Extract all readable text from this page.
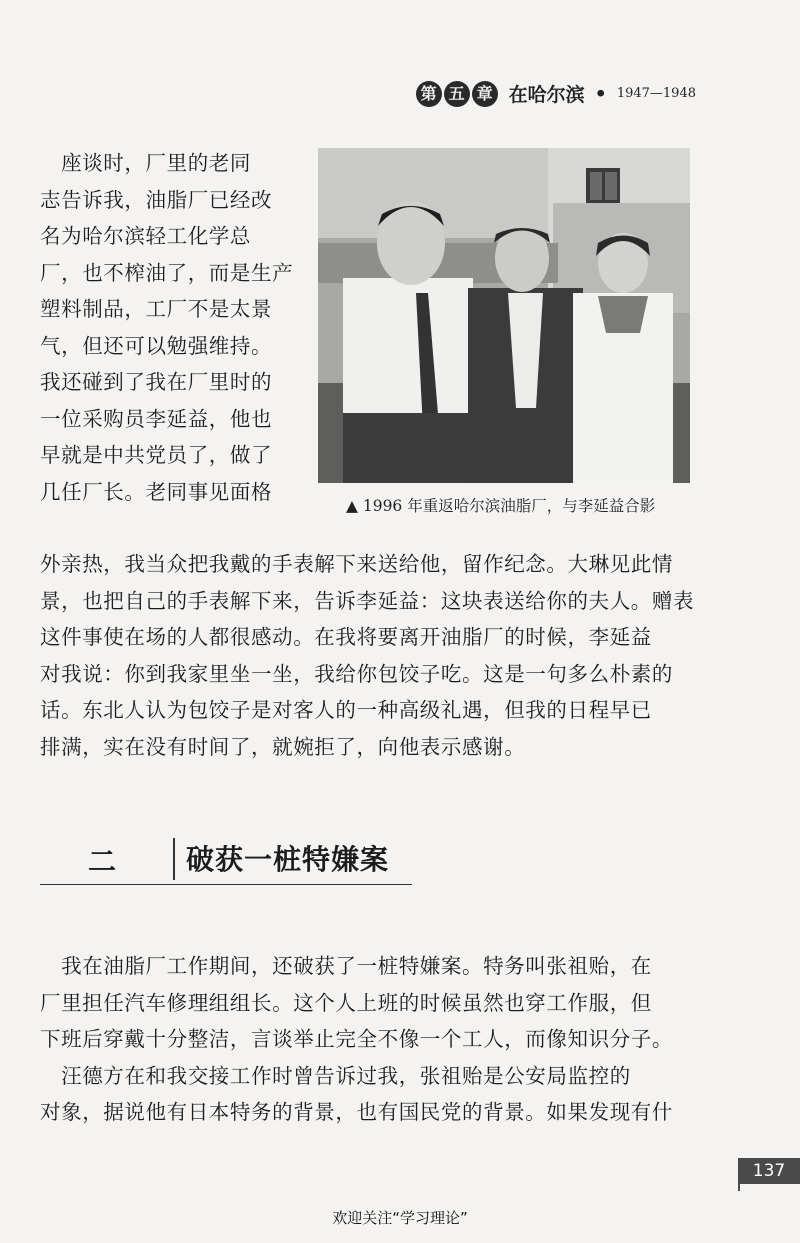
第 五 章 在哈尔滨 • 1947—1948
　座谈时，厂里的老同
志告诉我，油脂厂已经改
名为哈尔滨轻工化学总
厂，也不榨油了，而是生产
塑料制品，工厂不是太景
气，但还可以勉强维持。
我还碰到了我在厂里时的
一位采购员李延益，他也
早就是中共党员了，做了
几任厂长。老同事见面格
▲ 1996 年重返哈尔滨油脂厂，与李延益合影
外亲热，我当众把我戴的手表解下来送给他，留作纪念。大琳见此情
景，也把自己的手表解下来，告诉李延益：这块表送给你的夫人。赠表
这件事使在场的人都很感动。在我将要离开油脂厂的时候，李延益
对我说：你到我家里坐一坐，我给你包饺子吃。这是一句多么朴素的
话。东北人认为包饺子是对客人的一种高级礼遇，但我的日程早已
排满，实在没有时间了，就婉拒了，向他表示感谢。
二 破获一桩特嫌案
　我在油脂厂工作期间，还破获了一桩特嫌案。特务叫张祖贻，在
厂里担任汽车修理组组长。这个人上班的时候虽然也穿工作服，但
下班后穿戴十分整洁，言谈举止完全不像一个工人，而像知识分子。
　汪德方在和我交接工作时曾告诉过我，张祖贻是公安局监控的
对象，据说他有日本特务的背景，也有国民党的背景。如果发现有什
137
欢迎关注“学习理论”
